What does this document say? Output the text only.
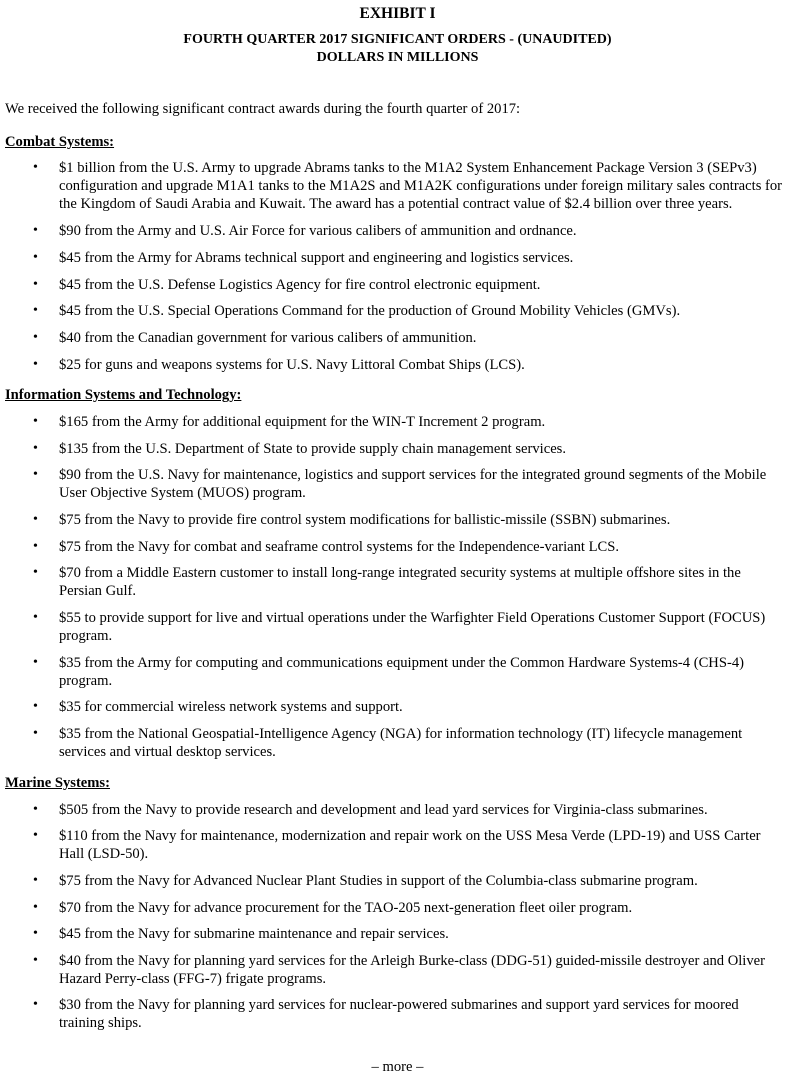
EXHIBIT I
FOURTH QUARTER 2017 SIGNIFICANT ORDERS - (UNAUDITED)
DOLLARS IN MILLIONS
We received the following significant contract awards during the fourth quarter of 2017:
Combat Systems:
• $1 billion from the U.S. Army to upgrade Abrams tanks to the M1A2 System Enhancement Package Version 3 (SEPv3) configuration and upgrade M1A1 tanks to the M1A2S and M1A2K configurations under foreign military sales contracts for the Kingdom of Saudi Arabia and Kuwait. The award has a potential contract value of $2.4 billion over three years.
• $90 from the Army and U.S. Air Force for various calibers of ammunition and ordnance.
• $45 from the Army for Abrams technical support and engineering and logistics services.
• $45 from the U.S. Defense Logistics Agency for fire control electronic equipment.
• $45 from the U.S. Special Operations Command for the production of Ground Mobility Vehicles (GMVs).
• $40 from the Canadian government for various calibers of ammunition.
• $25 for guns and weapons systems for U.S. Navy Littoral Combat Ships (LCS).
Information Systems and Technology:
• $165 from the Army for additional equipment for the WIN-T Increment 2 program.
• $135 from the U.S. Department of State to provide supply chain management services.
• $90 from the U.S. Navy for maintenance, logistics and support services for the integrated ground segments of the Mobile User Objective System (MUOS) program.
• $75 from the Navy to provide fire control system modifications for ballistic-missile (SSBN) submarines.
• $75 from the Navy for combat and seaframe control systems for the Independence-variant LCS.
• $70 from a Middle Eastern customer to install long-range integrated security systems at multiple offshore sites in the Persian Gulf.
• $55 to provide support for live and virtual operations under the Warfighter Field Operations Customer Support (FOCUS) program.
• $35 from the Army for computing and communications equipment under the Common Hardware Systems-4 (CHS-4) program.
• $35 for commercial wireless network systems and support.
• $35 from the National Geospatial-Intelligence Agency (NGA) for information technology (IT) lifecycle management services and virtual desktop services.
Marine Systems:
• $505 from the Navy to provide research and development and lead yard services for Virginia-class submarines.
• $110 from the Navy for maintenance, modernization and repair work on the USS Mesa Verde (LPD-19) and USS Carter Hall (LSD-50).
• $75 from the Navy for Advanced Nuclear Plant Studies in support of the Columbia-class submarine program.
• $70 from the Navy for advance procurement for the TAO-205 next-generation fleet oiler program.
• $45 from the Navy for submarine maintenance and repair services.
• $40 from the Navy for planning yard services for the Arleigh Burke-class (DDG-51) guided-missile destroyer and Oliver Hazard Perry-class (FFG-7) frigate programs.
• $30 from the Navy for planning yard services for nuclear-powered submarines and support yard services for moored training ships.
– more –
